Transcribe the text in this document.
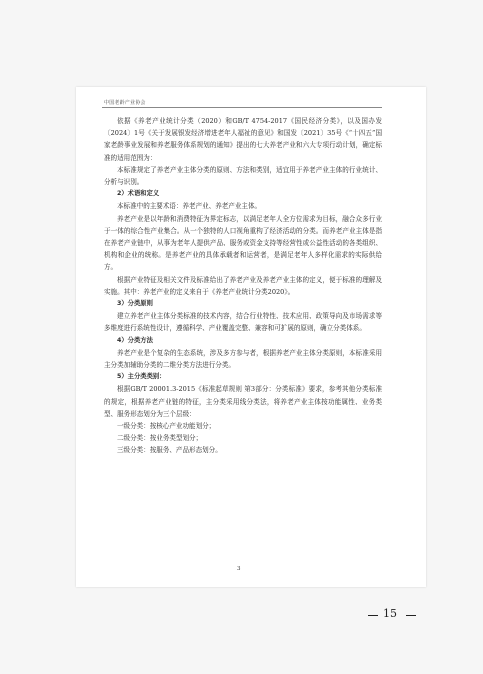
中国老龄产业协会

依据《养老产业统计分类（2020）和GB/T 4754-2017《国民经济分类》，以及国办发〔2024〕1号《关于发展银发经济增进老年人福祉的意见》和国发〔2021〕35号《“十四五”国家老龄事业发展和养老服务体系规划的通知》提出的七大养老产业和六大专项行动计划，确定标准的适用范围为：

本标准规定了养老产业主体分类的原则、方法和类别，适宜用于养老产业主体的行业统计、分析与识别。

2）术语和定义

本标准中的主要术语：养老产业、养老产业主体。

养老产业是以年龄和消费特征为界定标志，以满足老年人全方位需求为目标，融合众多行业于一体的综合性产业集合。从一个独特的人口视角重构了经济活动的分类。而养老产业主体是指在养老产业链中，从事为老年人提供产品、服务或资金支持等经营性或公益性活动的各类组织、机构和企业的统称。是养老产业的具体承载者和运营者，是满足老年人多样化需求的实际供给方。

根据产业特征及相关文件及标准给出了养老产业及养老产业主体的定义，便于标准的理解及实施。其中：养老产业的定义来自于《养老产业统计分类2020》。

3）分类原则

建立养老产业主体分类标准的技术内容，结合行业特性、技术应用、政策导向及市场需求等多维度进行系统性设计，遵循科学、产业覆盖完整、兼容和可扩展的原则，确立分类体系。

4）分类方法

养老产业是个复杂的生态系统，涉及多方参与者，根据养老产业主体分类原则，本标准采用主分类加辅助分类的二维分类方法进行分类。

5）主分类类别：

根据GB/T 20001.3-2015《标准起草规则 第3部分：分类标准》要求，参考其他分类标准的规定，根据养老产业链的特征，主分类采用线分类法，将养老产业主体按功能属性、业务类型、服务形态划分为三个层级：

一级分类：按核心产业功能划分；

二级分类：按业务类型划分；

三级分类：按服务、产品形态划分。

3
15
